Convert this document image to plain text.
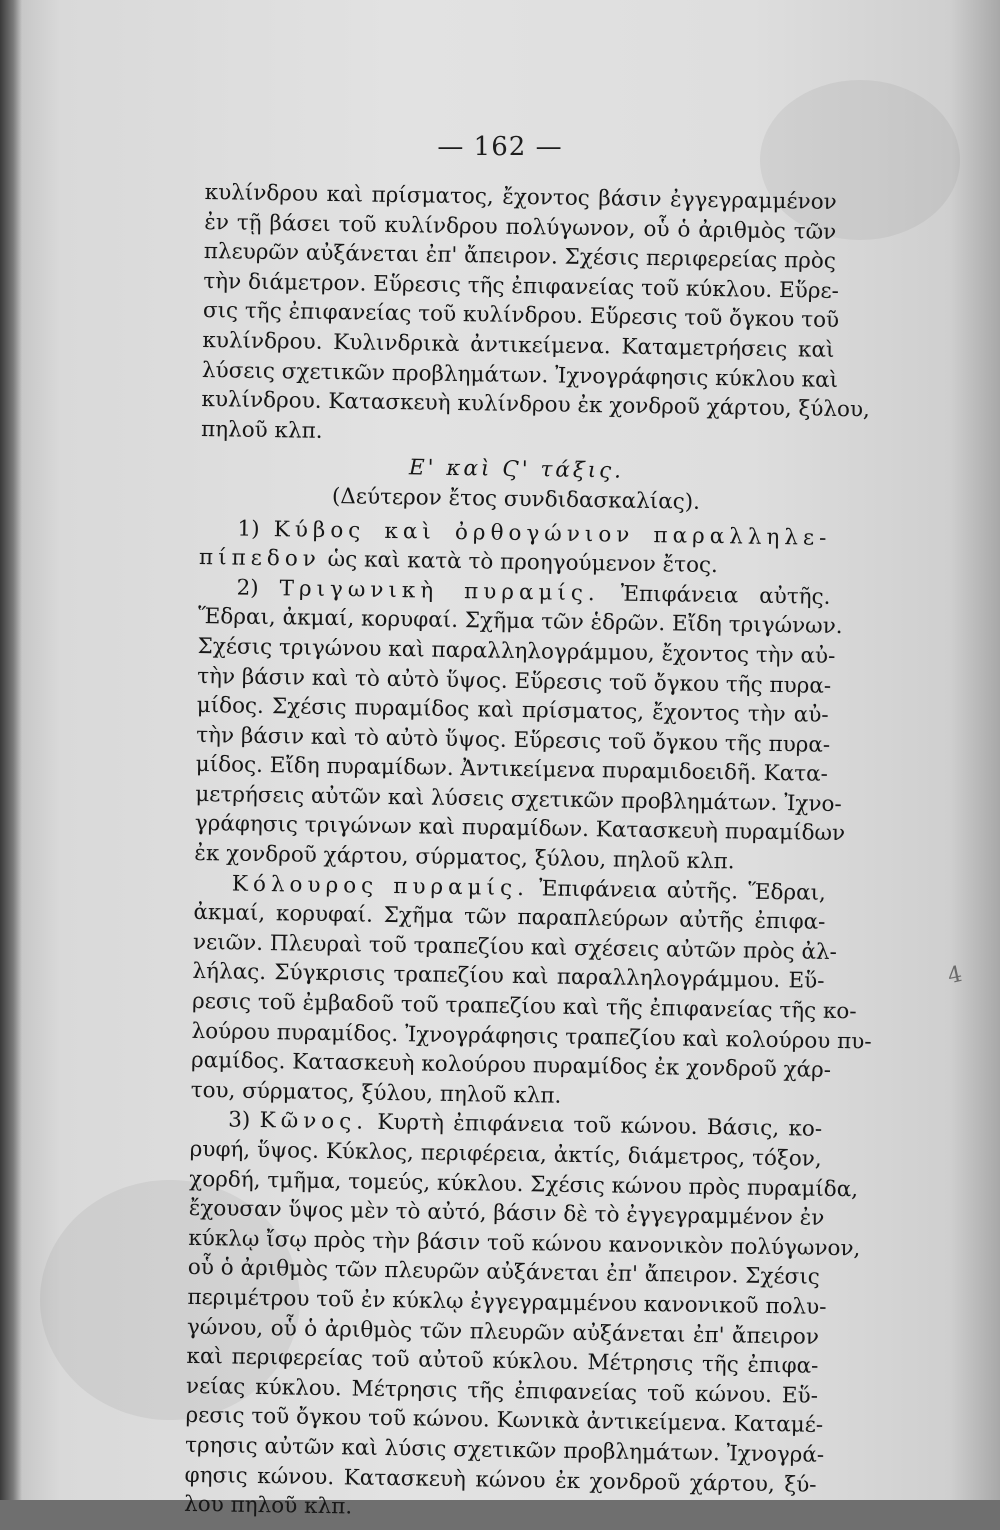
— 162 —
κυλίνδρου καὶ πρίσματος, ἔχοντος βάσιν ἐγγεγραμμένον
ἐν τῇ βάσει τοῦ κυλίνδρου πολύγωνον, οὗ ὁ ἀριθμὸς τῶν
πλευρῶν αὐξάνεται ἐπ' ἄπειρον. Σχέσις περιφερείας πρὸς
τὴν διάμετρον. Εὕρεσις τῆς ἐπιφανείας τοῦ κύκλου. Εὕρε-
σις τῆς ἐπιφανείας τοῦ κυλίνδρου. Εὕρεσις τοῦ ὄγκου τοῦ
κυλίνδρου. Κυλινδρικὰ ἀντικείμενα. Καταμετρήσεις καὶ
λύσεις σχετικῶν προβλημάτων. Ἰχνογράφησις κύκλου καὶ
κυλίνδρου. Κατασκευὴ κυλίνδρου ἐκ χονδροῦ χάρτου, ξύλου,
πηλοῦ κλπ.
Ε' καὶ Ϛ' τάξις.
(Δεύτερον ἔτος συνδιδασκαλίας).
1) Κύβος καὶ ὀρθογώνιον παραλληλε-
πίπεδον ὡς καὶ κατὰ τὸ προηγούμενον ἔτος.
2) Τριγωνικὴ πυραμίς. Ἐπιφάνεια αὐτῆς.
Ἕδραι, ἀκμαί, κορυφαί. Σχῆμα τῶν ἑδρῶν. Εἴδη τριγώνων.
Σχέσις τριγώνου καὶ παραλληλογράμμου, ἔχοντος τὴν αὐ-
τὴν βάσιν καὶ τὸ αὐτὸ ὕψος. Εὕρεσις τοῦ ὄγκου τῆς πυρα-
μίδος. Σχέσις πυραμίδος καὶ πρίσματος, ἔχοντος τὴν αὐ-
τὴν βάσιν καὶ τὸ αὐτὸ ὕψος. Εὕρεσις τοῦ ὄγκου τῆς πυρα-
μίδος. Εἴδη πυραμίδων. Ἀντικείμενα πυραμιδοειδῆ. Κατα-
μετρήσεις αὐτῶν καὶ λύσεις σχετικῶν προβλημάτων. Ἰχνο-
γράφησις τριγώνων καὶ πυραμίδων. Κατασκευὴ πυραμίδων
ἐκ χονδροῦ χάρτου, σύρματος, ξύλου, πηλοῦ κλπ.
Κόλουρος πυραμίς. Ἐπιφάνεια αὐτῆς. Ἕδραι,
ἀκμαί, κορυφαί. Σχῆμα τῶν παραπλεύρων αὐτῆς ἐπιφα-
νειῶν. Πλευραὶ τοῦ τραπεζίου καὶ σχέσεις αὐτῶν πρὸς ἀλ-
λήλας. Σύγκρισις τραπεζίου καὶ παραλληλογράμμου. Εὕ-
ρεσις τοῦ ἐμβαδοῦ τοῦ τραπεζίου καὶ τῆς ἐπιφανείας τῆς κο-
λούρου πυραμίδος. Ἰχνογράφησις τραπεζίου καὶ κολούρου πυ-
ραμίδος. Κατασκευὴ κολούρου πυραμίδος ἐκ χονδροῦ χάρ-
του, σύρματος, ξύλου, πηλοῦ κλπ.
3) Κῶνος. Κυρτὴ ἐπιφάνεια τοῦ κώνου. Βάσις, κο-
ρυφή, ὕψος. Κύκλος, περιφέρεια, ἀκτίς, διάμετρος, τόξον,
χορδή, τμῆμα, τομεύς, κύκλου. Σχέσις κώνου πρὸς πυραμίδα,
ἔχουσαν ὕψος μὲν τὸ αὐτό, βάσιν δὲ τὸ ἐγγεγραμμένον ἐν
κύκλῳ ἴσῳ πρὸς τὴν βάσιν τοῦ κώνου κανονικὸν πολύγωνον,
οὗ ὁ ἀριθμὸς τῶν πλευρῶν αὐξάνεται ἐπ' ἄπειρον. Σχέσις
περιμέτρου τοῦ ἐν κύκλῳ ἐγγεγραμμένου κανονικοῦ πολυ-
γώνου, οὗ ὁ ἀριθμὸς τῶν πλευρῶν αὐξάνεται ἐπ' ἄπειρον
καὶ περιφερείας τοῦ αὐτοῦ κύκλου. Μέτρησις τῆς ἐπιφα-
νείας κύκλου. Μέτρησις τῆς ἐπιφανείας τοῦ κώνου. Εὕ-
ρεσις τοῦ ὄγκου τοῦ κώνου. Κωνικὰ ἀντικείμενα. Καταμέ-
τρησις αὐτῶν καὶ λύσις σχετικῶν προβλημάτων. Ἰχνογρά-
φησις κώνου. Κατασκευὴ κώνου ἐκ χονδροῦ χάρτου, ξύ-
λου πηλοῦ κλπ.
4
